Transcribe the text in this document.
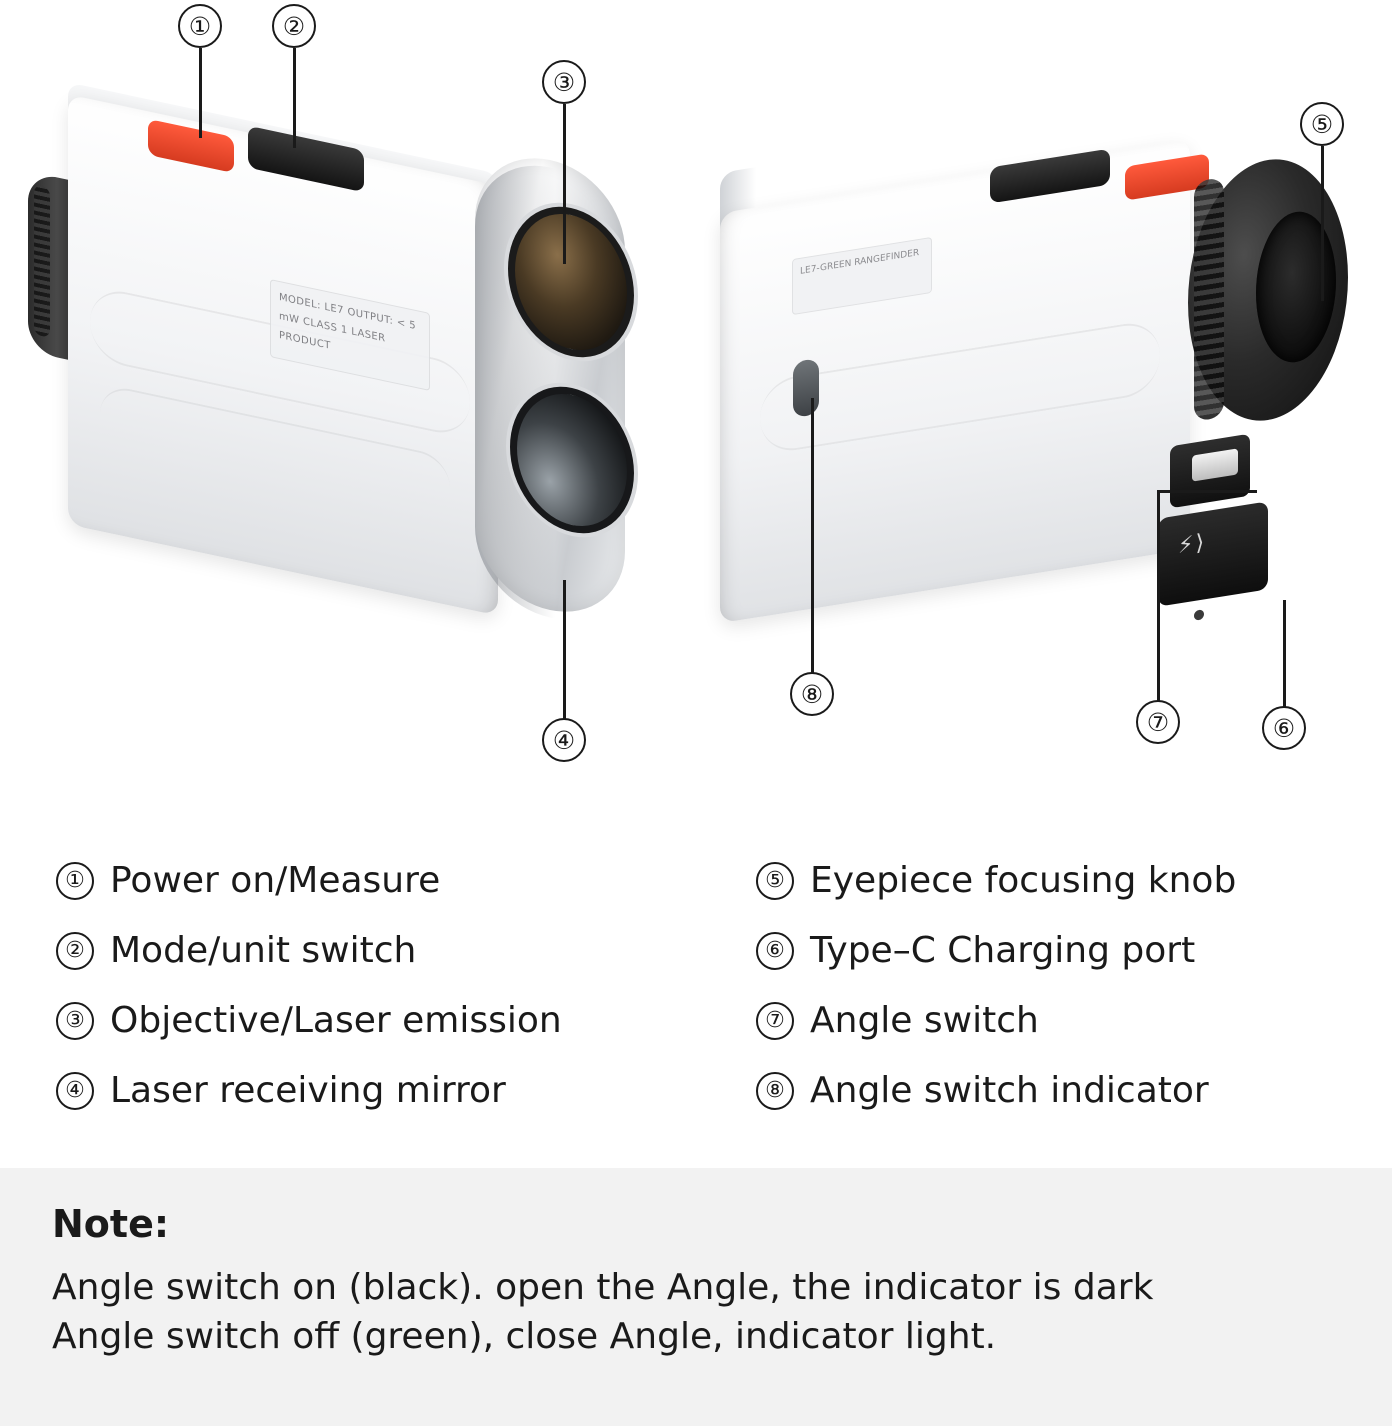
MODEL: LE7 OUTPUT: < 5 mW CLASS 1 LASER PRODUCT
LE7-GREEN RANGEFINDER
⚡⟩
①	②
③
④
⑤
⑧
⑦	⑥
① Power on/Measure
② Mode/unit switch
③ Objective/Laser emission
④ Laser receiving mirror
⑤ Eyepiece focusing knob
⑥ Type–C Charging port
⑦ Angle switch
⑧ Angle switch indicator
Note:
Angle switch on (black). open the Angle, the indicator is dark
Angle switch off (green), close Angle, indicator light.
